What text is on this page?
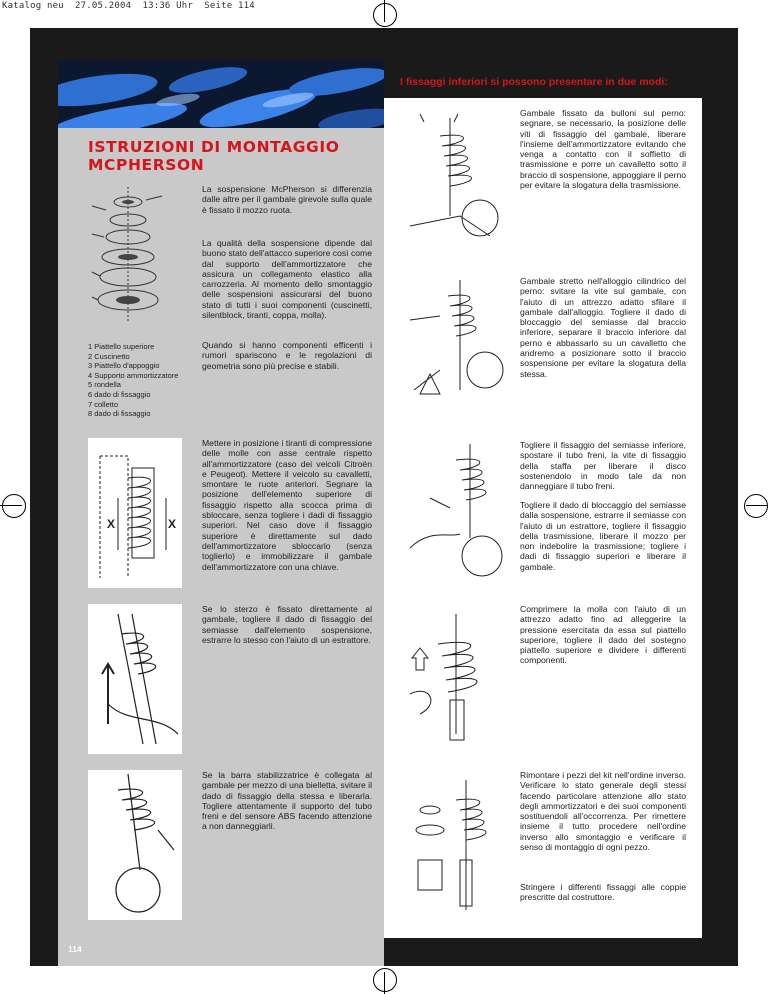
Katalog neu  27.05.2004  13:36 Uhr  Seite 114
I fissaggi inferiori si possono presentare in due modi:
ISTRUZIONI DI MONTAGGIO
MCPHERSON
1 Piattello superiore
2 Cuscinetto
3 Piattello d'appoggio
4 Supporto ammortizzatore
5 rondella
6 dado di fissaggio
7 colletto
8 dado di fissaggio
La sospensione McPherson si differenzia dalle altre per il gambale girevole sulla quale è fissato il mozzo ruota.
La qualità della sospensione dipende dal buono stato dell'attacco superiore così come dal supporto dell'ammortizzatore che assicura un collegamento elastico alla carrozzeria. Al momento dello smontaggio delle sospensioni assicurarsi del buono stato di tutti i suoi componenti (cuscinetti, silentblock, tiranti, coppa, molla).
Quando si hanno componenti efficenti i rumori spariscono e le regolazioni di geometria sono più precise e stabili.
Mettere in posizione i tiranti di compressione delle molle con asse centrale rispetto all'ammortizzatore (caso dei veicoli Citroën e Peugeot). Mettere il veicolo su cavalletti, smontare le ruote anteriori. Segnare la posizione dell'elemento superiore di fissaggio rispetto alla scocca prima di sbloccare, senza togliere i dadi di fissaggio superiori. Nel caso dove il fissaggio superiore è direttamente sul dado dell'ammortizzatore sbloccarlo (senza toglierlo) e immobilizzare il gambale dell'ammortizzatore con una chiave.
Se lo sterzo è fissato direttamente al gambale, togliere il dado di fissaggio del semiasse dall'elemento sospensione, estrarre lo stesso con l'aiuto di un estrattore.
Se la barra stabilizzatrice è collegata al gambale per mezzo di una bielletta, svitare il dado di fissaggio della stessa e liberarla. Togliere attentamente il supporto del tubo freni e del sensore ABS facendo attenzione a non danneggiarli.
X	X
Gambale fissato da bulloni sul perno: segnare, se necessario, la posizione delle viti di fissaggio del gambale, liberare l'insieme dell'ammortizzatore evitando che venga a contatto con il soffietto di trasmissione e porre un cavalletto sotto il braccio di sospensione, appoggiare il perno per evitare la slogatura della trasmissione.
Gambale stretto nell'alloggio cilindrico del perno: svitare la vite sul gambale, con l'aiuto di un attrezzo adatto sfilare il gambale dall'alloggio. Togliere il dado di bloccaggio del semiasse dal braccio inferiore, separare il braccio inferiore dal perno e abbassarlo su un cavalletto che andremo a posizionare sotto il braccio sospensione per evitare la slogatura della stessa.
Togliere il fissaggio del semiasse inferiore, spostare il tubo freni, la vite di fissaggio della staffa per liberare il disco sostenendolo in modo tale da non danneggiare il tubo freni.
Togliere il dado di bloccaggio del semiasse dalla sospensione, estrarre il semiasse con l'aiuto di un estrattore, togliere il fissaggio della trasmissione, liberare il mozzo per non indebolire la trasmissione; togliere i dadi di fissaggio superiori e liberare il gambale.
Comprimere la molla con l'aiuto di un attrezzo adatto fino ad alleggerire la pressione esercitata da essa sul piattello superiore, togliere il dado del sostegno piattello superiore e dividere i differenti componenti.
Rimontare i pezzi del kit nell'ordine inverso. Verificare lo stato generale degli stessi facendo particolare attenzione allo stato degli ammortizzatori e dei suoi componenti sostituendoli all'occorrenza. Per rimettere insieme il tutto procedere nell'ordine inverso allo smontaggio e verificare il senso di montaggio di ogni pezzo.
Stringere i differenti fissaggi alle coppie prescritte dal costruttore.
114
